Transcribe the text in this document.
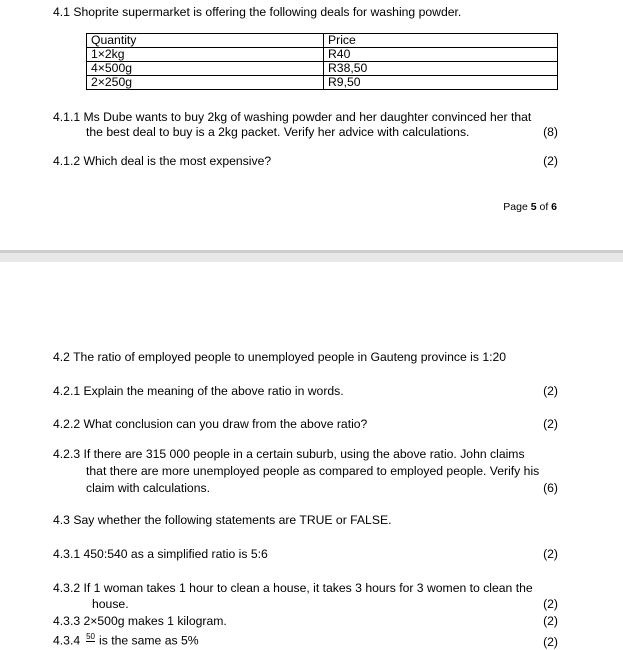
4.1 Shoprite supermarket is offering the following deals for washing powder.
Quantity	Price
1×2kg	R40
4×500g	R38,50
2×250g	R9,50
4.1.1 Ms Dube wants to buy 2kg of washing powder and her daughter convinced her that
the best deal to buy is a 2kg packet. Verify her advice with calculations.	(8)
4.1.2 Which deal is the most expensive?	(2)
Page 5 of 6
4.2 The ratio of employed people to unemployed people in Gauteng province is 1:20
4.2.1 Explain the meaning of the above ratio in words.	(2)
4.2.2 What conclusion can you draw from the above ratio?	(2)
4.2.3 If there are 315 000 people in a certain suburb, using the above ratio. John claims
that there are more unemployed people as compared to employed people. Verify his
claim with calculations.	(6)
4.3 Say whether the following statements are TRUE or FALSE.
4.3.1 450:540 as a simplified ratio is 5:6	(2)
4.3.2 If 1 woman takes 1 hour to clean a house, it takes 3 hours for 3 women to clean the
house.	(2)
4.3.3 2×500g makes 1 kilogram.	(2)
4.3.4 50
is the same as 5%	(2)
